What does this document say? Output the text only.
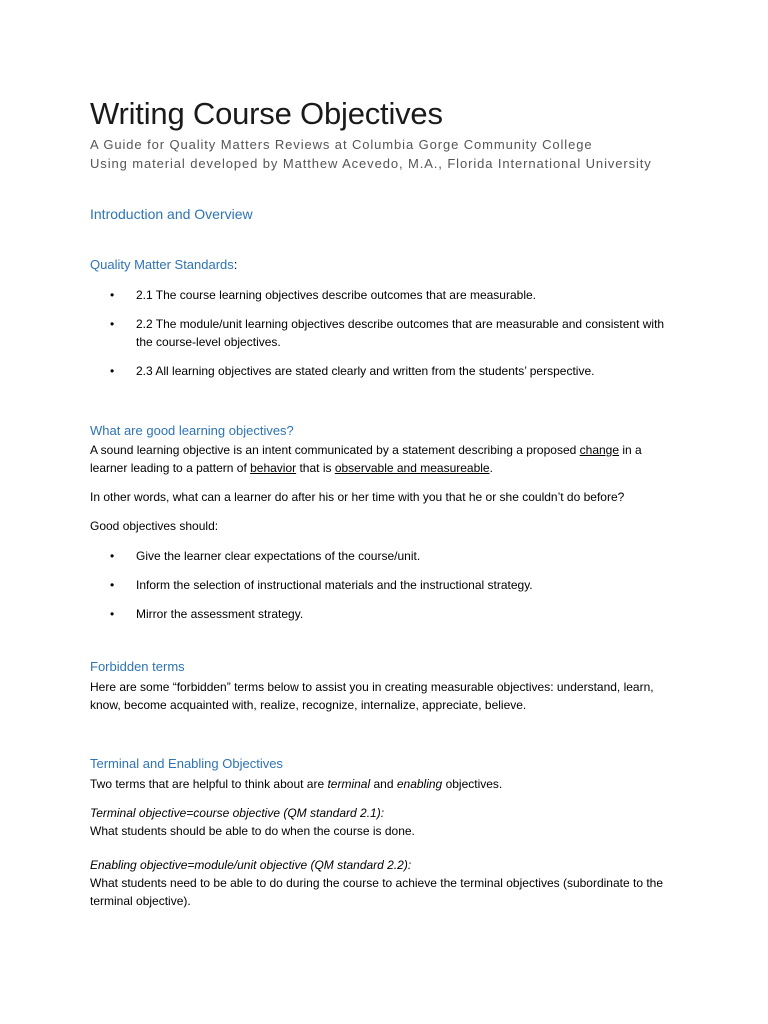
Writing Course Objectives

A Guide for Quality Matters Reviews at Columbia Gorge Community College

Using material developed by Matthew Acevedo, M.A., Florida International University

Introduction and Overview
Quality Matter Standards:
•	2.1 The course learning objectives describe outcomes that are measurable.
•	2.2 The module/unit learning objectives describe outcomes that are measurable and consistent with the course-level objectives.
•	2.3 All learning objectives are stated clearly and written from the students’ perspective.
What are good learning objectives?

A sound learning objective is an intent communicated by a statement describing a proposed change in a learner leading to a pattern of behavior that is observable and measureable.

In other words, what can a learner do after his or her time with you that he or she couldn’t do before?

Good objectives should:

•	Give the learner clear expectations of the course/unit.
•	Inform the selection of instructional materials and the instructional strategy.
•	Mirror the assessment strategy.
Forbidden terms

Here are some “forbidden” terms below to assist you in creating measurable objectives: understand, learn, know, become acquainted with, realize, recognize, internalize, appreciate, believe.

Terminal and Enabling Objectives

Two terms that are helpful to think about are terminal and enabling objectives.

Terminal objective=course objective (QM standard 2.1):

What students should be able to do when the course is done.

Enabling objective=module/unit objective (QM standard 2.2):

What students need to be able to do during the course to achieve the terminal objectives (subordinate to the terminal objective).
